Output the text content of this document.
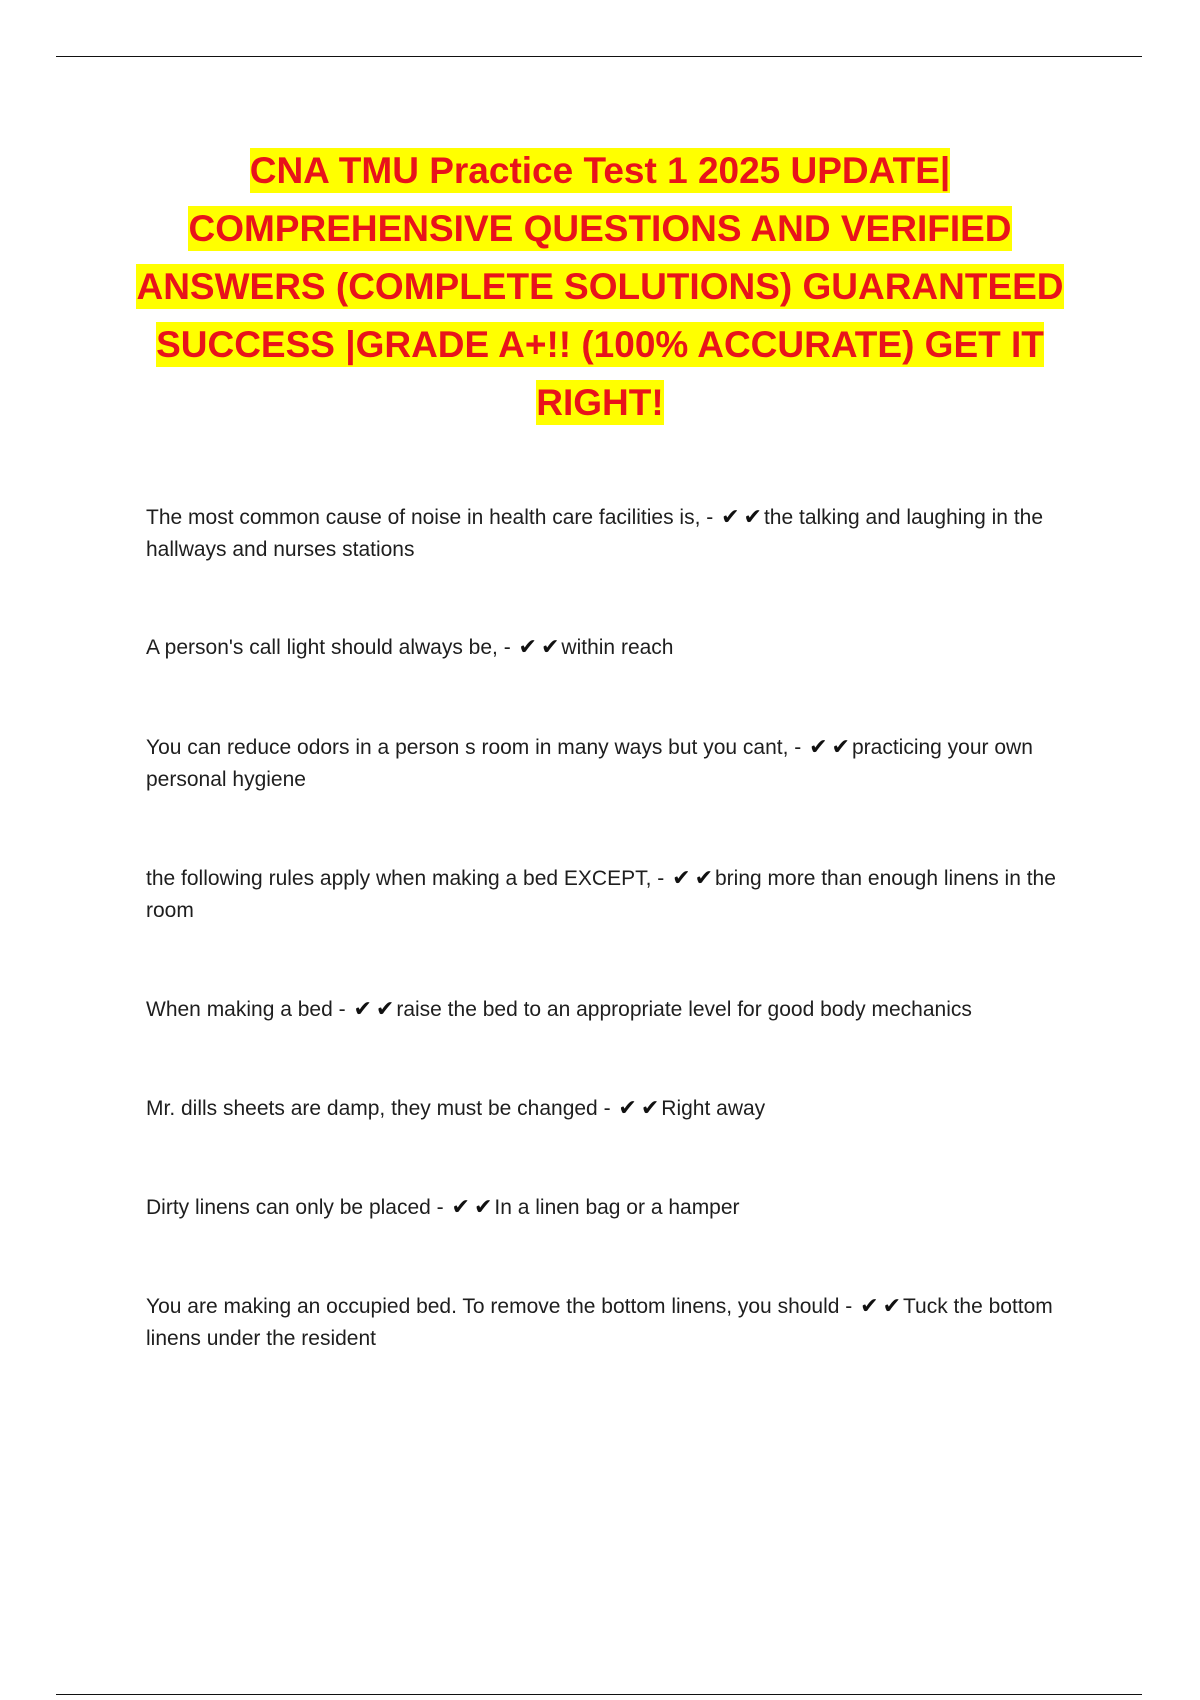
CNA TMU Practice Test 1 2025 UPDATE| COMPREHENSIVE QUESTIONS AND VERIFIED ANSWERS (COMPLETE SOLUTIONS) GUARANTEED SUCCESS |GRADE A+!! (100% ACCURATE) GET IT RIGHT!

The most common cause of noise in health care facilities is, - ✔ ✔the talking and laughing in the hallways and nurses stations

A person's call light should always be, - ✔ ✔within reach

You can reduce odors in a person s room in many ways but you cant, - ✔ ✔practicing your own personal hygiene

the following rules apply when making a bed EXCEPT, - ✔ ✔bring more than enough linens in the room

When making a bed - ✔ ✔raise the bed to an appropriate level for good body mechanics

Mr. dills sheets are damp, they must be changed - ✔ ✔Right away

Dirty linens can only be placed - ✔ ✔In a linen bag or a hamper

You are making an occupied bed. To remove the bottom linens, you should - ✔ ✔Tuck the bottom linens under the resident
